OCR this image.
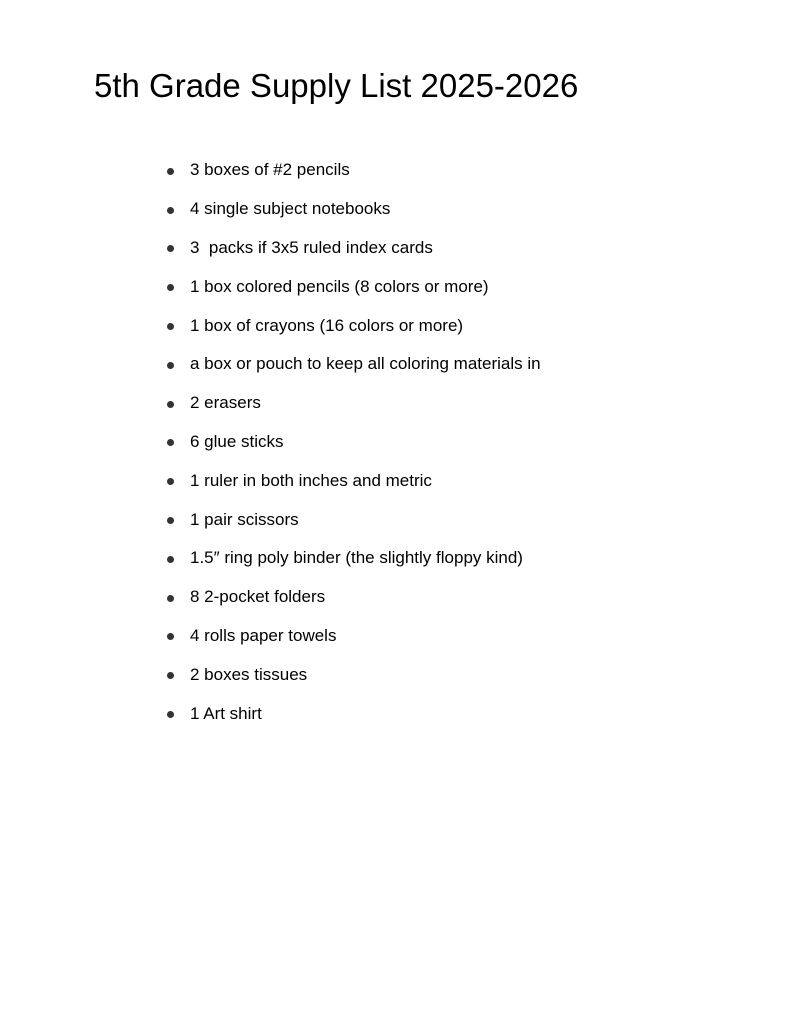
5th Grade Supply List 2025-2026
3 boxes of #2 pencils
4 single subject notebooks
3  packs if 3x5 ruled index cards
1 box colored pencils (8 colors or more)
1 box of crayons (16 colors or more)
a box or pouch to keep all coloring materials in
2 erasers
6 glue sticks
1 ruler in both inches and metric
1 pair scissors
1.5″ ring poly binder (the slightly floppy kind)
8 2-pocket folders
4 rolls paper towels
2 boxes tissues
1 Art shirt
